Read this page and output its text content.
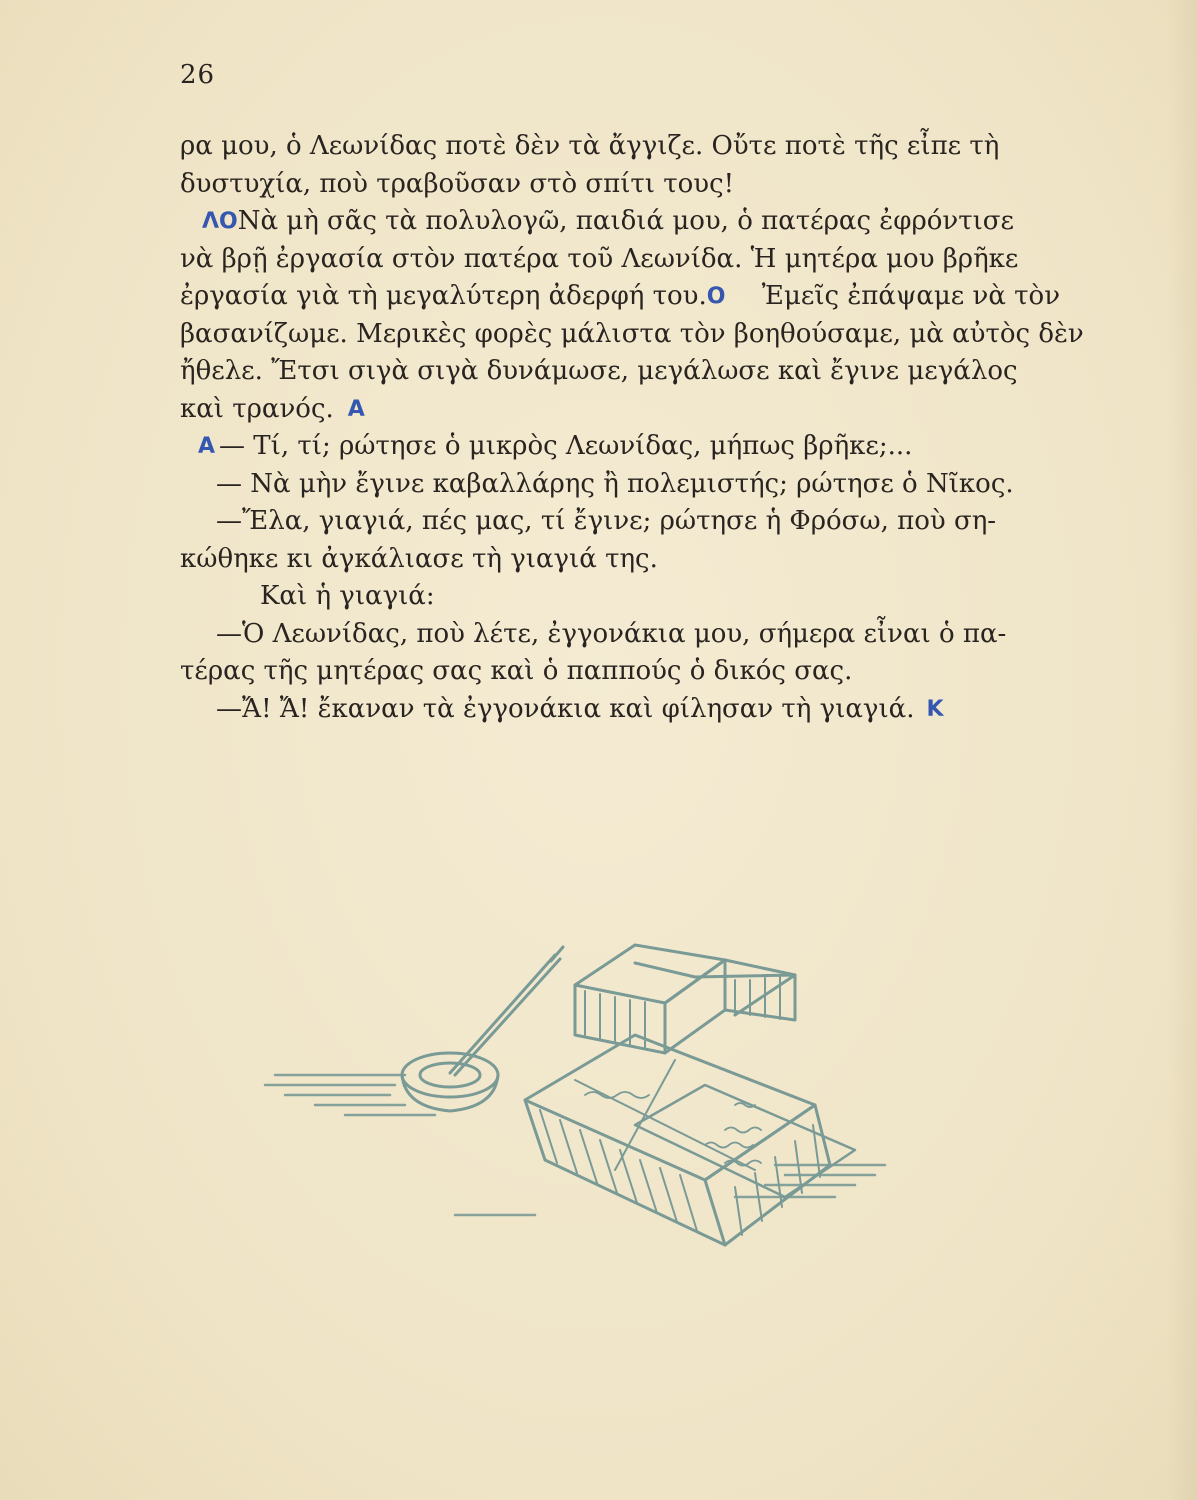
26
ρα μου, ὁ Λεωνίδας ποτὲ δὲν τὰ ἄγγιζε. Οὔτε ποτὲ τῆς εἶπε τὴ
δυστυχία, ποὺ τραβοῦσαν στὸ σπίτι τους!
ΛΟ Νὰ μὴ σᾶς τὰ πολυλογῶ, παιδιά μου, ὁ πατέρας ἐφρόντισε
νὰ βρῇ ἐργασία στὸν πατέρα τοῦ Λεωνίδα. Ἡ μητέρα μου βρῆκε
ἐργασία γιὰ τὴ μεγαλύτερη ἀδερφή του. Ο Ἐμεῖς ἐπάψαμε νὰ τὸν
βασανίζωμε. Μερικὲς φορὲς μάλιστα τὸν βοηθούσαμε, μὰ αὐτὸς δὲν
ἤθελε. Ἔτσι σιγὰ σιγὰ δυνάμωσε, μεγάλωσε καὶ ἔγινε μεγάλος
καὶ τρανός. Α
Α — Τί, τί; ρώτησε ὁ μικρὸς Λεωνίδας, μήπως βρῆκε;...
— Νὰ μὴν ἔγινε καβαλλάρης ἢ πολεμιστής; ρώτησε ὁ Νῖκος.
—Ἔλα, γιαγιά, πές μας, τί ἔγινε; ρώτησε ἡ Φρόσω, ποὺ ση-
κώθηκε κι ἀγκάλιασε τὴ γιαγιά της.
Καὶ ἡ γιαγιά:
—Ὁ Λεωνίδας, ποὺ λέτε, ἐγγονάκια μου, σήμερα εἶναι ὁ πα-
τέρας τῆς μητέρας σας καὶ ὁ παππούς ὁ δικός σας.
—Ἄ! Ἄ! ἔκαναν τὰ ἐγγονάκια καὶ φίλησαν τὴ γιαγιά. Κ
